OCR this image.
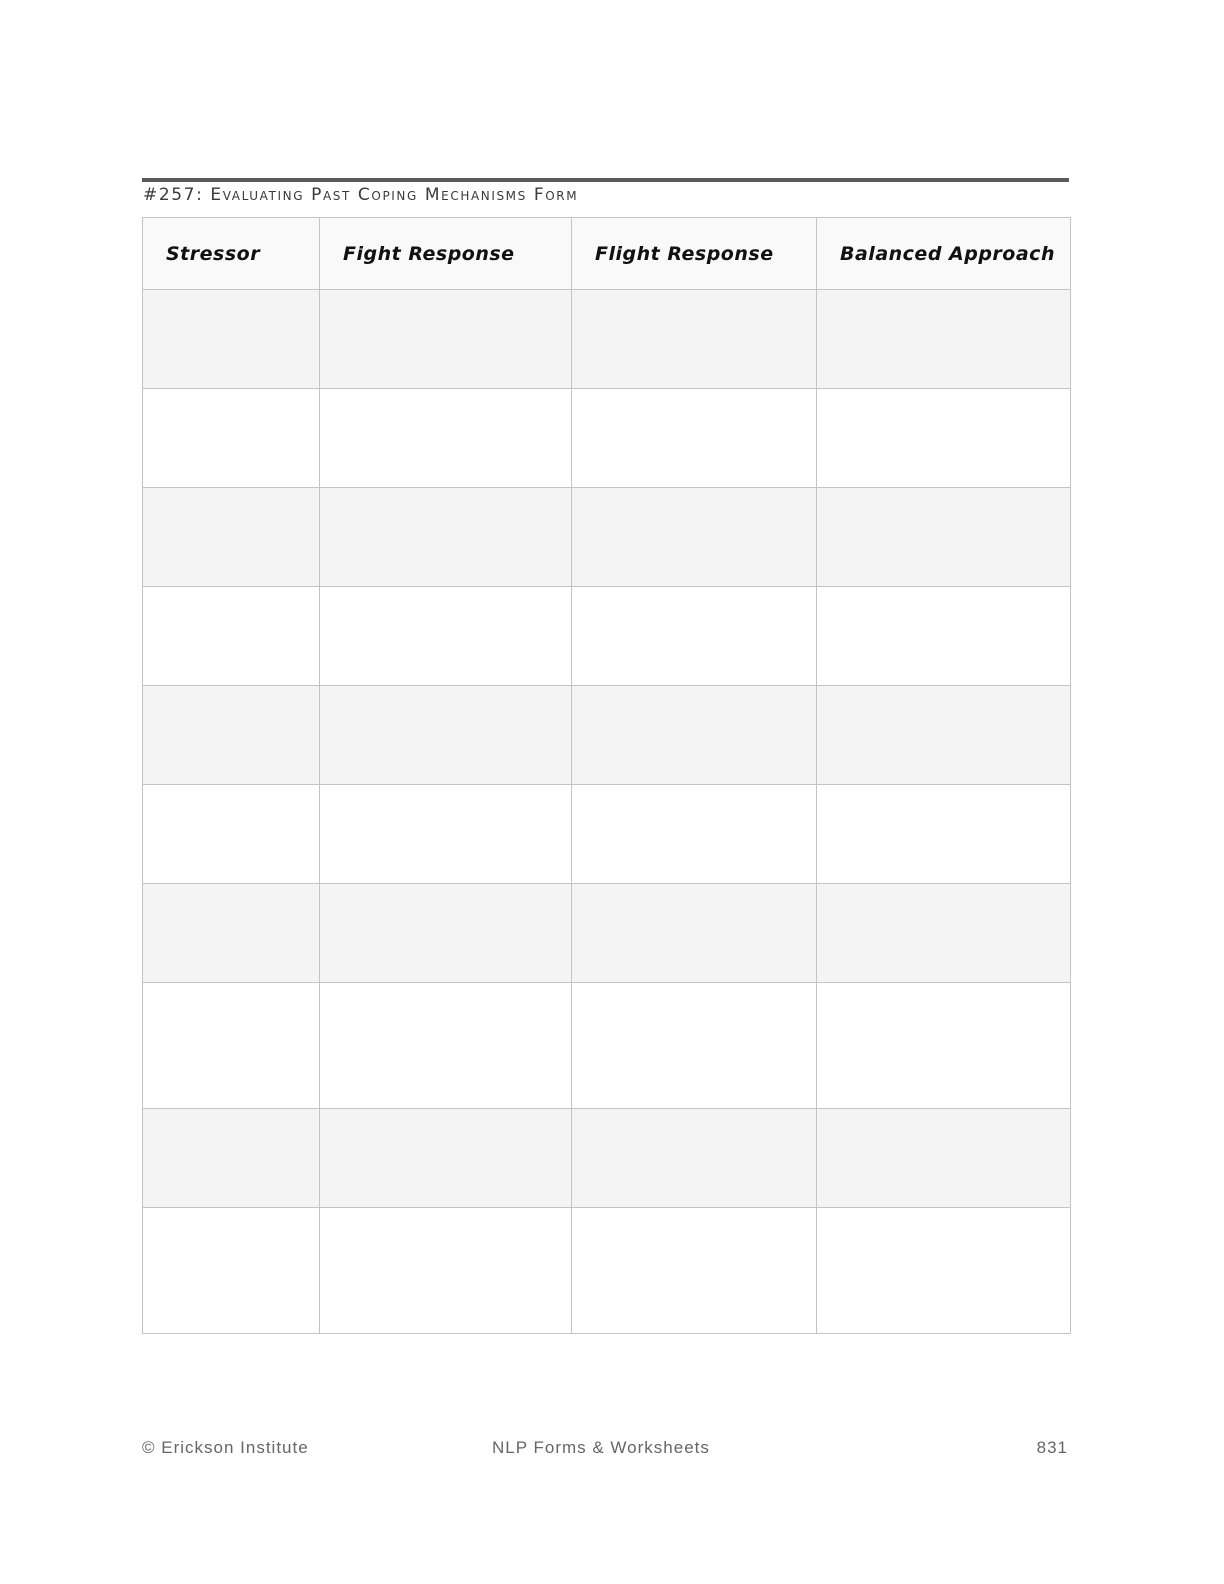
#257: Evaluating Past Coping Mechanisms Form
Stressor	Fight Response	Flight Response	Balanced Approach

© Erickson Institute	NLP Forms & Worksheets	831
